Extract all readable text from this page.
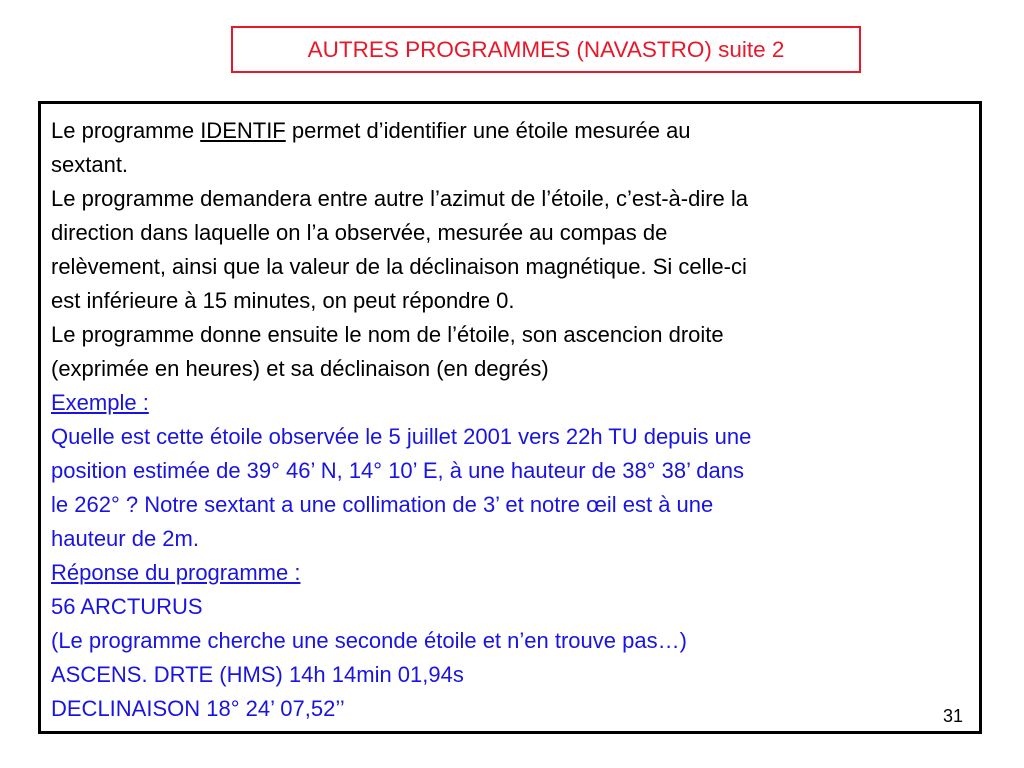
AUTRES PROGRAMMES (NAVASTRO) suite 2
Le programme IDENTIF permet d’identifier une étoile mesurée au
sextant.
Le programme demandera entre autre l’azimut de l’étoile, c’est-à-dire la
direction dans laquelle on l’a observée, mesurée au compas de
relèvement, ainsi que la valeur de la déclinaison magnétique. Si celle-ci
est inférieure à 15 minutes, on peut répondre 0.
Le programme donne ensuite le nom de l’étoile, son ascencion droite
(exprimée en heures) et sa déclinaison (en degrés)
Exemple :
Quelle est cette étoile observée le 5 juillet 2001 vers 22h TU depuis une
position estimée de 39° 46’ N, 14° 10’ E, à une hauteur de 38° 38’ dans
le 262° ? Notre sextant a une collimation de 3’ et notre œil est à une
hauteur de 2m.
Réponse du programme :
56 ARCTURUS
(Le programme cherche une seconde étoile et n’en trouve pas…)
ASCENS. DRTE (HMS) 14h 14min 01,94s
DECLINAISON 18° 24’ 07,52’’	31
